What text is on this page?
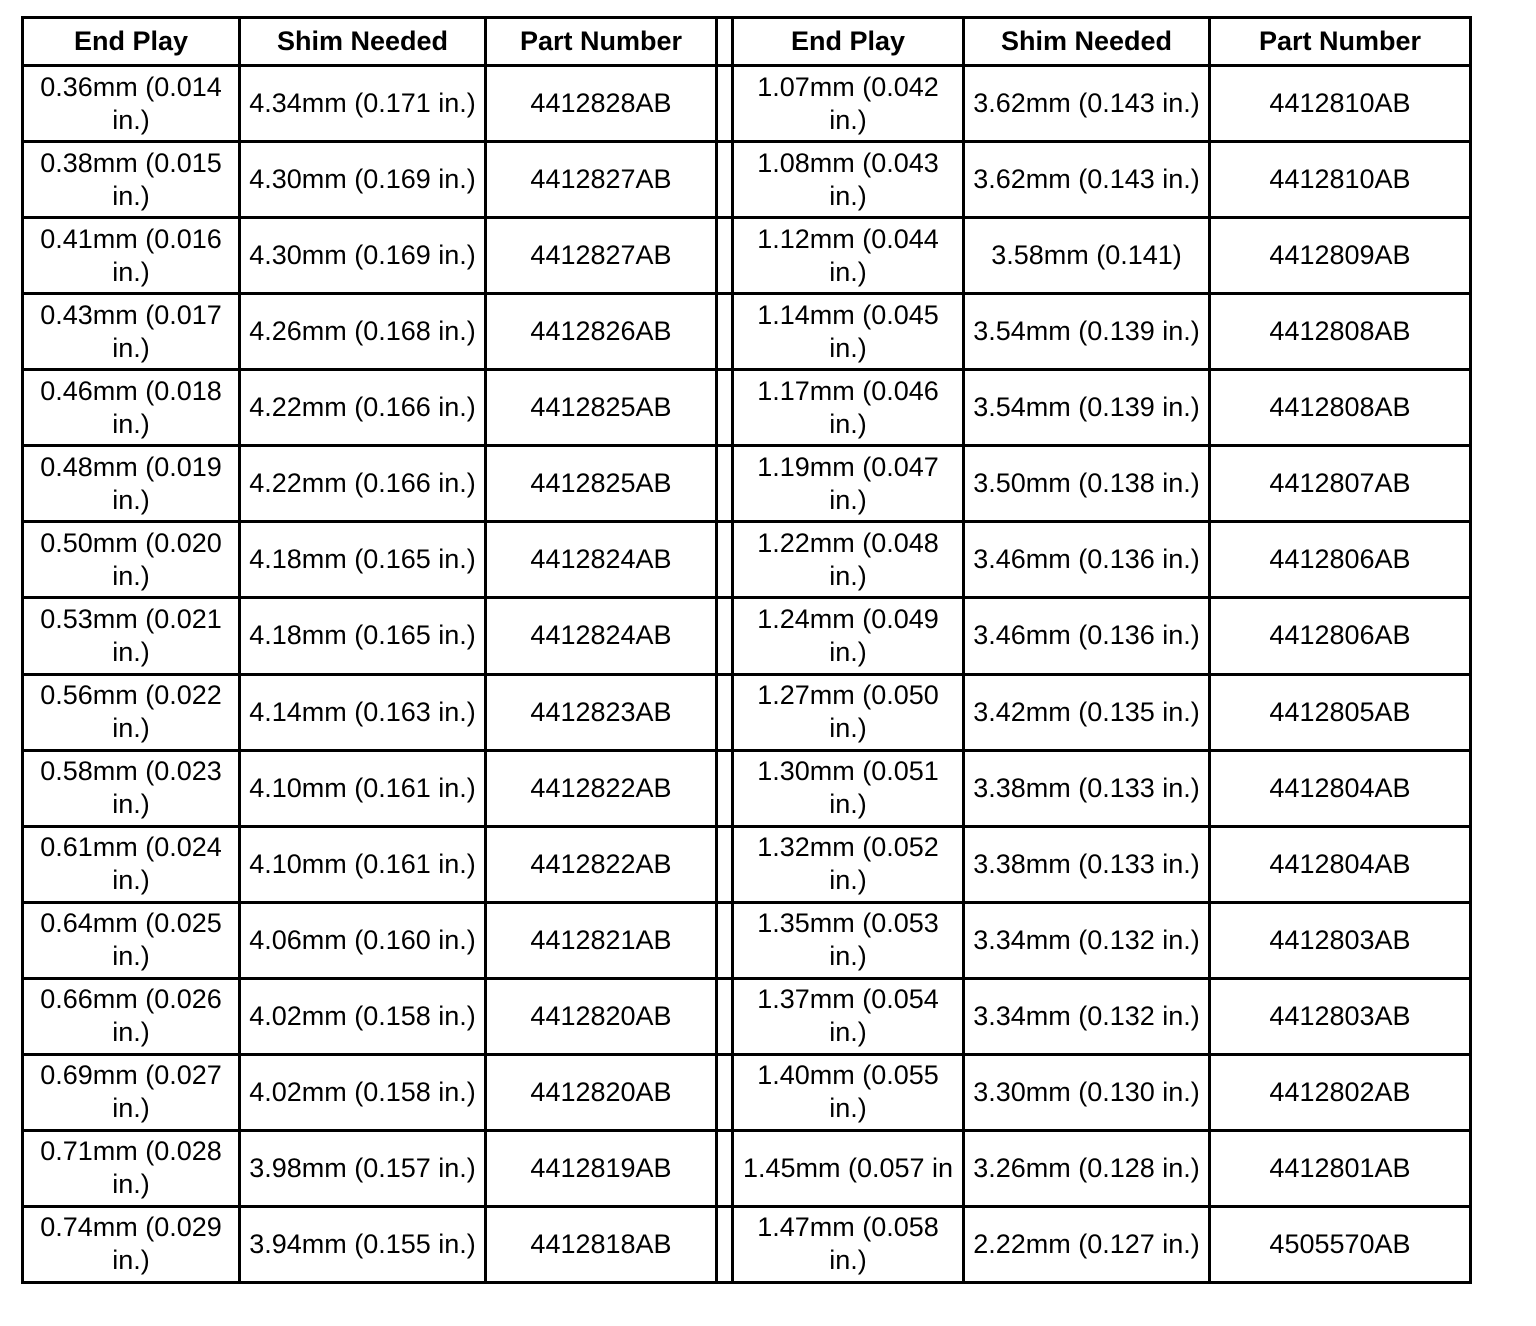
End Play	Shim Needed	Part Number		End Play	Shim Needed	Part Number
0.36mm (0.014 in.)	4.34mm (0.171 in.)	4412828AB		1.07mm (0.042 in.)	3.62mm (0.143 in.)	4412810AB
0.38mm (0.015 in.)	4.30mm (0.169 in.)	4412827AB		1.08mm (0.043 in.)	3.62mm (0.143 in.)	4412810AB
0.41mm (0.016 in.)	4.30mm (0.169 in.)	4412827AB		1.12mm (0.044 in.)	3.58mm (0.141)	4412809AB
0.43mm (0.017 in.)	4.26mm (0.168 in.)	4412826AB		1.14mm (0.045 in.)	3.54mm (0.139 in.)	4412808AB
0.46mm (0.018 in.)	4.22mm (0.166 in.)	4412825AB		1.17mm (0.046 in.)	3.54mm (0.139 in.)	4412808AB
0.48mm (0.019 in.)	4.22mm (0.166 in.)	4412825AB		1.19mm (0.047 in.)	3.50mm (0.138 in.)	4412807AB
0.50mm (0.020 in.)	4.18mm (0.165 in.)	4412824AB		1.22mm (0.048 in.)	3.46mm (0.136 in.)	4412806AB
0.53mm (0.021 in.)	4.18mm (0.165 in.)	4412824AB		1.24mm (0.049 in.)	3.46mm (0.136 in.)	4412806AB
0.56mm (0.022 in.)	4.14mm (0.163 in.)	4412823AB		1.27mm (0.050 in.)	3.42mm (0.135 in.)	4412805AB
0.58mm (0.023 in.)	4.10mm (0.161 in.)	4412822AB		1.30mm (0.051 in.)	3.38mm (0.133 in.)	4412804AB
0.61mm (0.024 in.)	4.10mm (0.161 in.)	4412822AB		1.32mm (0.052 in.)	3.38mm (0.133 in.)	4412804AB
0.64mm (0.025 in.)	4.06mm (0.160 in.)	4412821AB		1.35mm (0.053 in.)	3.34mm (0.132 in.)	4412803AB
0.66mm (0.026 in.)	4.02mm (0.158 in.)	4412820AB		1.37mm (0.054 in.)	3.34mm (0.132 in.)	4412803AB
0.69mm (0.027 in.)	4.02mm (0.158 in.)	4412820AB		1.40mm (0.055 in.)	3.30mm (0.130 in.)	4412802AB
0.71mm (0.028 in.)	3.98mm (0.157 in.)	4412819AB		1.45mm (0.057 in	3.26mm (0.128 in.)	4412801AB
0.74mm (0.029 in.)	3.94mm (0.155 in.)	4412818AB		1.47mm (0.058 in.)	2.22mm (0.127 in.)	4505570AB
